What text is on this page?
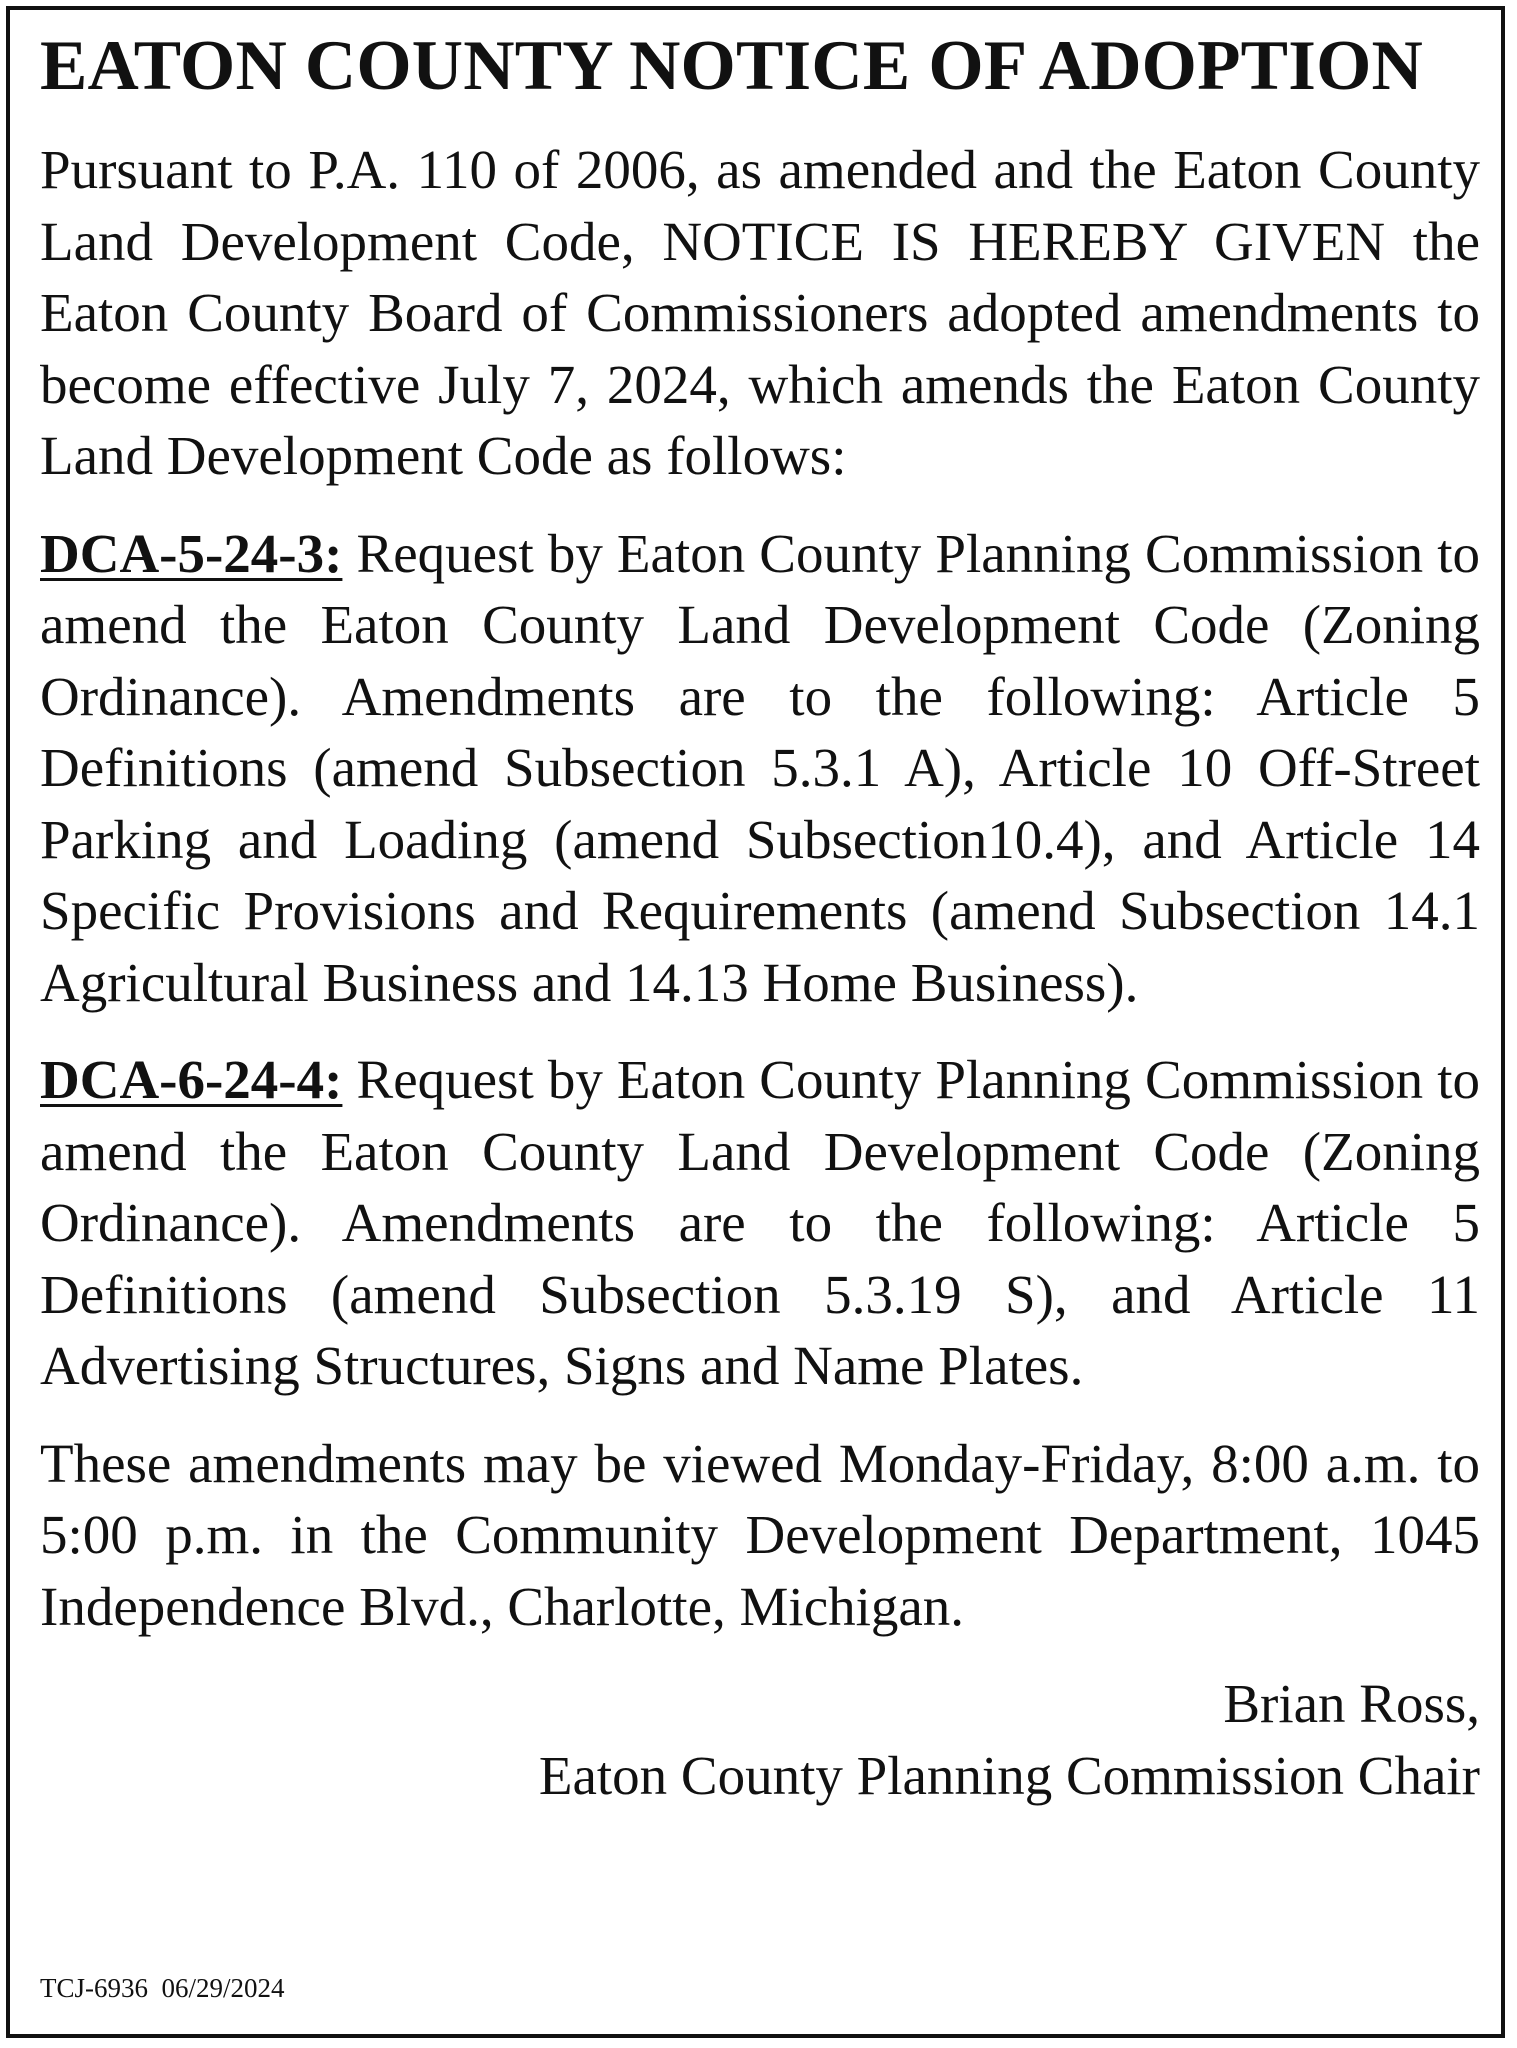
EATON COUNTY NOTICE OF ADOPTION

Pursuant to P.A. 110 of 2006, as amended and the Eaton County Land Development Code, NOTICE IS HEREBY GIVEN the Eaton County Board of Commissioners adopted amendments to become effective July 7, 2024, which amends the Eaton County Land Development Code as follows:

DCA-5-24-3: Request by Eaton County Planning Commission to amend the Eaton County Land Development Code (Zoning Ordinance). Amendments are to the following: Article 5 Definitions (amend Subsection 5.3.1 A), Article 10 Off-Street Parking and Loading (amend Subsection10.4), and Article 14 Specific Provisions and Requirements (amend Subsection 14.1 Agricultural Business and 14.13 Home Business).

DCA-6-24-4: Request by Eaton County Planning Commission to amend the Eaton County Land Development Code (Zoning Ordinance). Amendments are to the following: Article 5 Definitions (amend Subsection 5.3.19 S), and Article 11 Advertising Structures, Signs and Name Plates.

These amendments may be viewed Monday-Friday, 8:00 a.m. to 5:00 p.m. in the Community Development Department, 1045 Independence Blvd., Charlotte, Michigan.

Brian Ross,
Eaton County Planning Commission Chair
TCJ-6936  06/29/2024
